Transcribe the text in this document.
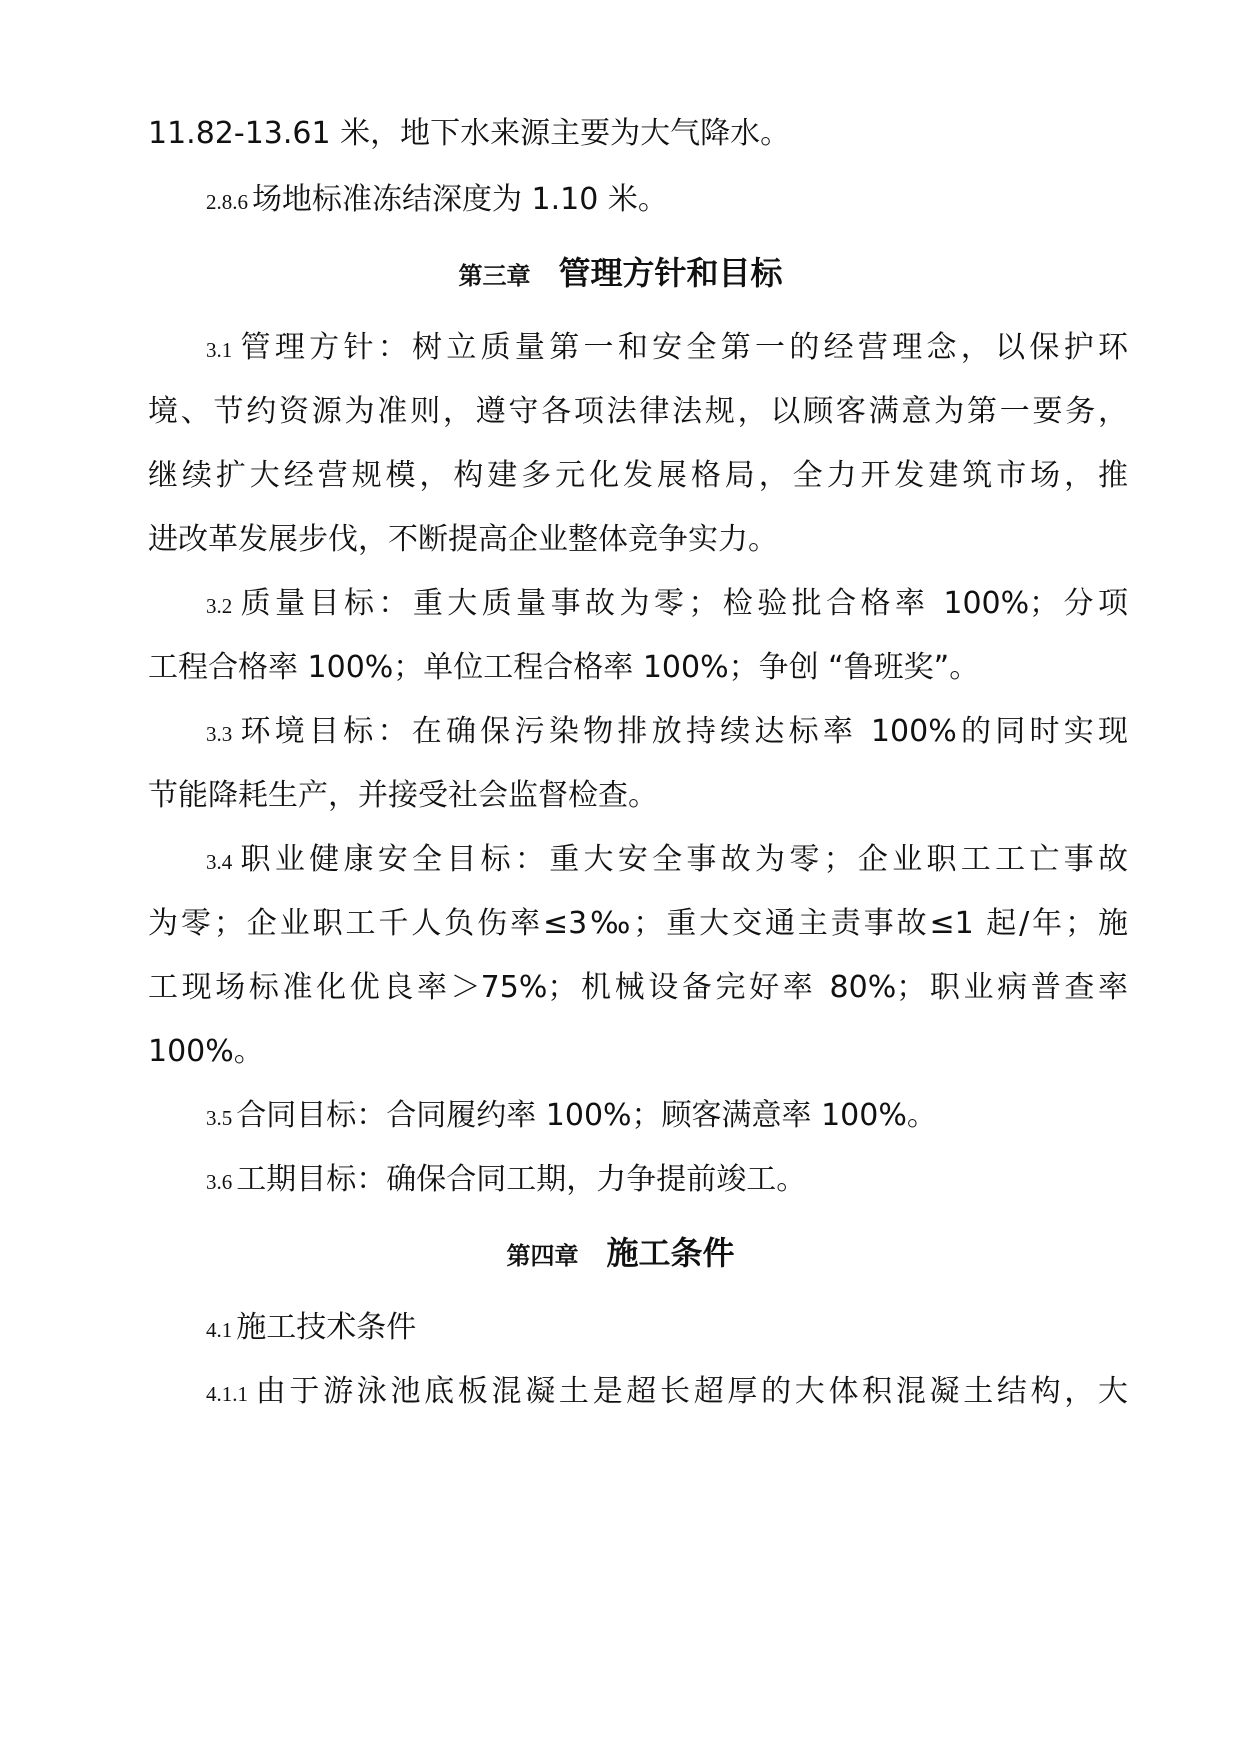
11.82-13.61 米，地下水来源主要为大气降水。
2.8.6 场地标准冻结深度为 1.10 米。
第三章 管理方针和目标
3.1 管理方针：树立质量第一和安全第一的经营理念，以保护环
境、节约资源为准则，遵守各项法律法规，以顾客满意为第一要务，
继续扩大经营规模，构建多元化发展格局，全力开发建筑市场，推
进改革发展步伐，不断提高企业整体竞争实力。
3.2 质量目标：重大质量事故为零；检验批合格率 100%；分项
工程合格率 100%；单位工程合格率 100%；争创 “鲁班奖”。
3.3 环境目标：在确保污染物排放持续达标率 100%的同时实现
节能降耗生产，并接受社会监督检查。
3.4 职业健康安全目标：重大安全事故为零；企业职工工亡事故
为零；企业职工千人负伤率≤3‰；重大交通主责事故≤1 起/年；施
工现场标准化优良率＞75%；机械设备完好率 80%；职业病普查率
100%。
3.5 合同目标：合同履约率 100%；顾客满意率 100%。
3.6 工期目标：确保合同工期，力争提前竣工。
第四章 施工条件
4.1 施工技术条件
4.1.1 由于游泳池底板混凝土是超长超厚的大体积混凝土结构，大
